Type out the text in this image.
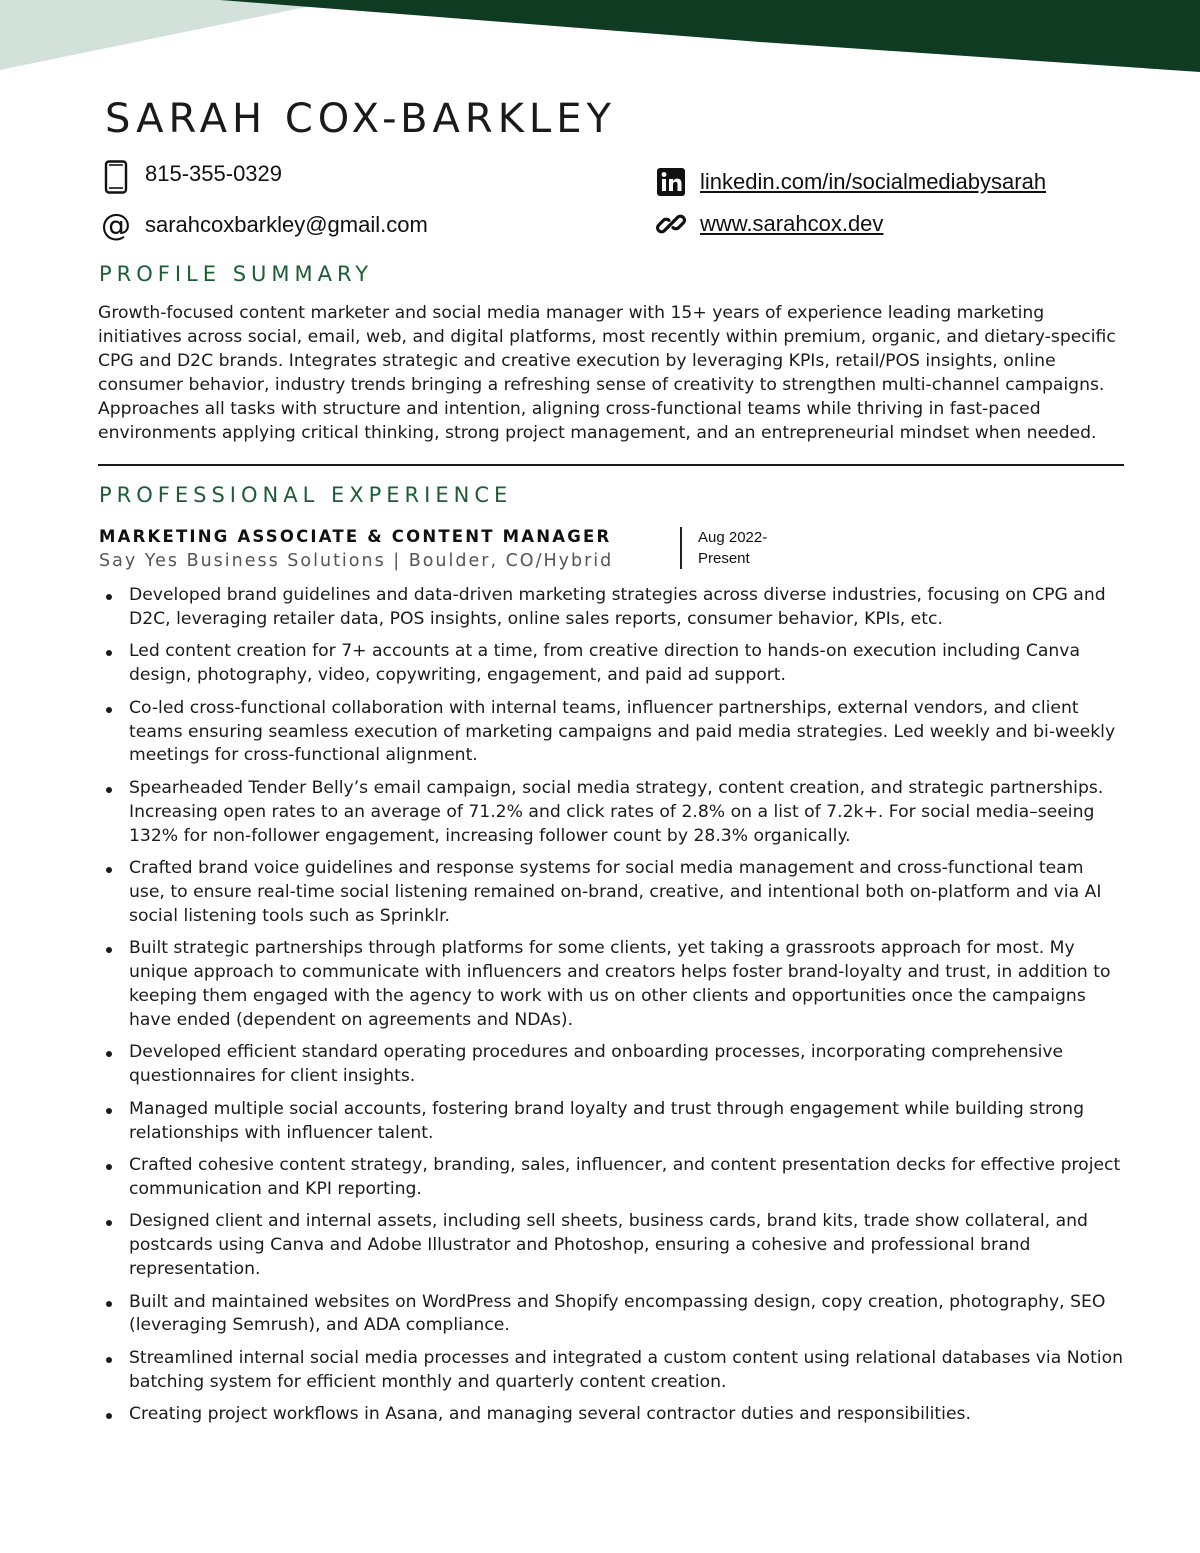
SARAH COX-BARKLEY
815-355-0329
@ sarahcoxbarkley@gmail.com
linkedin.com/in/socialmediabysarah
www.sarahcox.dev
PROFILE SUMMARY

Growth-focused content marketer and social media manager with 15+ years of experience leading marketing initiatives across social, email, web, and digital platforms, most recently within premium, organic, and dietary-specific CPG and D2C brands. Integrates strategic and creative execution by leveraging KPIs, retail/POS insights, online consumer behavior, industry trends bringing a refreshing sense of creativity to strengthen multi-channel campaigns. Approaches all tasks with structure and intention, aligning cross-functional teams while thriving in fast-paced environments applying critical thinking, strong project management, and an entrepreneurial mindset when needed.

PROFESSIONAL EXPERIENCE
MARKETING ASSOCIATE & CONTENT MANAGER
Say Yes Business Solutions | Boulder, CO/Hybrid
Aug 2022-
Present
Developed brand guidelines and data-driven marketing strategies across diverse industries, focusing on CPG and D2C, leveraging retailer data, POS insights, online sales reports, consumer behavior, KPIs, etc.
Led content creation for 7+ accounts at a time, from creative direction to hands-on execution including Canva design, photography, video, copywriting, engagement, and paid ad support.
Co-led cross-functional collaboration with internal teams, influencer partnerships, external vendors, and client teams ensuring seamless execution of marketing campaigns and paid media strategies. Led weekly and bi-weekly meetings for cross-functional alignment.
Spearheaded Tender Belly’s email campaign, social media strategy, content creation, and strategic partnerships. Increasing open rates to an average of 71.2% and click rates of 2.8% on a list of 7.2k+. For social media–seeing 132% for non-follower engagement, increasing follower count by 28.3% organically.
Crafted brand voice guidelines and response systems for social media management and cross-functional team use, to ensure real-time social listening remained on-brand, creative, and intentional both on-platform and via AI social listening tools such as Sprinklr.
Built strategic partnerships through platforms for some clients, yet taking a grassroots approach for most. My unique approach to communicate with influencers and creators helps foster brand-loyalty and trust, in addition to keeping them engaged with the agency to work with us on other clients and opportunities once the campaigns have ended (dependent on agreements and NDAs).
Developed efficient standard operating procedures and onboarding processes, incorporating comprehensive questionnaires for client insights.
Managed multiple social accounts, fostering brand loyalty and trust through engagement while building strong relationships with influencer talent.
Crafted cohesive content strategy, branding, sales, influencer, and content presentation decks for effective project communication and KPI reporting.
Designed client and internal assets, including sell sheets, business cards, brand kits, trade show collateral, and postcards using Canva and Adobe Illustrator and Photoshop, ensuring a cohesive and professional brand representation.
Built and maintained websites on WordPress and Shopify encompassing design, copy creation, photography, SEO (leveraging Semrush), and ADA compliance.
Streamlined internal social media processes and integrated a custom content using relational databases via Notion batching system for efficient monthly and quarterly content creation.
Creating project workflows in Asana, and managing several contractor duties and responsibilities.
